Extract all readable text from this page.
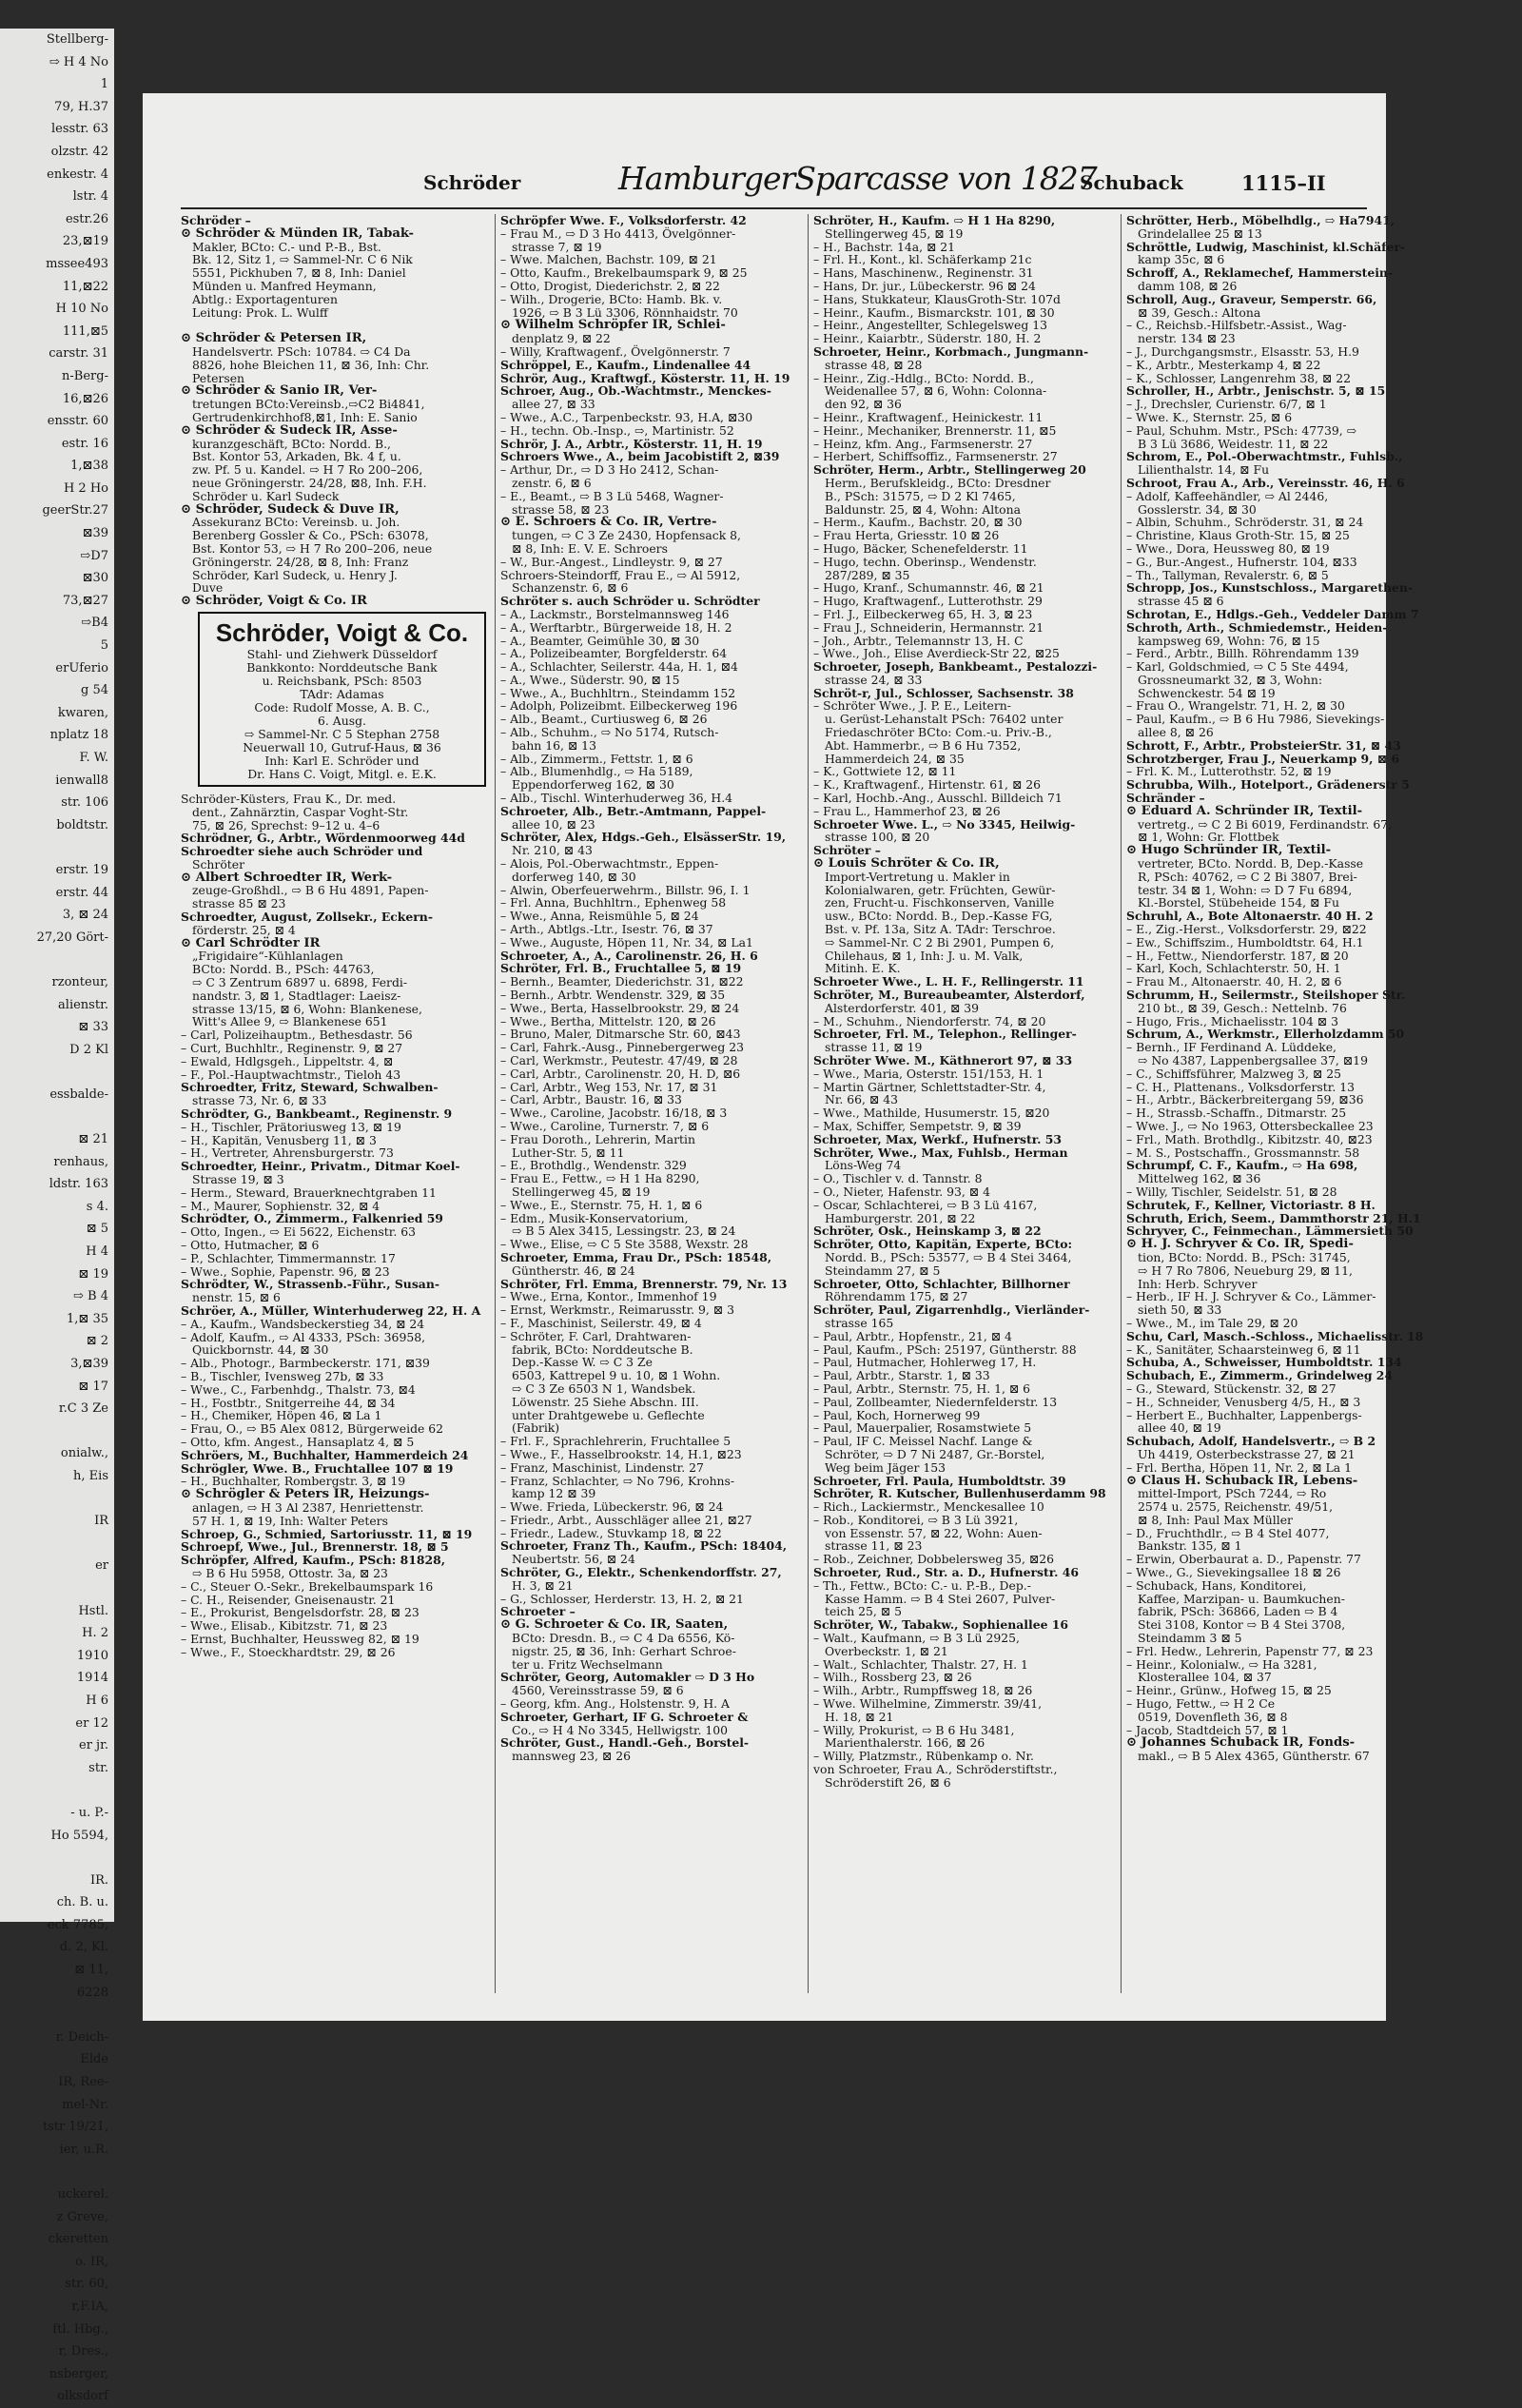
Stellberg-
⇨ H 4 No
1
79, H.37
lesstr. 63
olzstr. 42
enkestr. 4
lstr. 4
estr.26
23,⊠19
mssee493
11,⊠22
H 10 No
111,⊠5
carstr. 31
n-Berg-
16,⊠26
ensstr. 60
estr. 16
1,⊠38
H 2 Ho
geerStr.27
⊠39
⇨D7
⊠30
73,⊠27
⇨B4
5
erUferio
g 54
kwaren,
nplatz 18
F. W.
ienwall8
str. 106
boldtstr.

erstr. 19
erstr. 44
3, ⊠ 24
27,20 Gört-

rzonteur,
alienstr.
⊠ 33
D 2 Kl

essbalde-

⊠ 21
renhaus,
ldstr. 163
s 4.
⊠ 5
H 4
⊠ 19
⇨ B 4
1,⊠ 35
⊠ 2
3,⊠39
⊠ 17
r.C 3 Ze

onialw.,
h, Eis

IR

er

Hstl.
H. 2
1910
1914
H 6
er 12
er jr.
str.

- u. P.-
Ho 5594,

IR.
ch. B. u.
eck 7785,
d. 2, Kl.
⊠ 11,
6228

r. Deich-
Elde
IR, Ree-
mel-Nr.
tstr 19/21,
ier, u.R.

uckerel.
z Greve,
ckeretten
o. IR,
str. 60,
r,F.IA,
ftl. Hbg.,
r, Dres.,
nsberger,
olksdorf
Schröder	HamburgerSparcasse von 1827
Schuback	1115–II
Schröder –
⊙ Schröder & Münden IR, Tabak-
Makler, BCto: C.- und P.-B., Bst.
Bk. 12, Sitz 1, ⇨ Sammel-Nr. C 6 Nik
5551, Pickhuben 7, ⊠ 8, Inh: Daniel
Münden u. Manfred Heymann,
Abtlg.: Exportagenturen
Leitung: Prok. L. Wulff

⊙ Schröder & Petersen IR,
Handelsvertr. PSch: 10784. ⇨ C4 Da
8826, hohe Bleichen 11, ⊠ 36, Inh: Chr.
Petersen
⊙ Schröder & Sanio IR, Ver-
tretungen BCto:Vereinsb.,⇨C2 Bi4841,
Gertrudenkirchhof8,⊠1, Inh: E. Sanio
⊙ Schröder & Sudeck IR, Asse-
kuranzgeschäft, BCto: Nordd. B.,
Bst. Kontor 53, Arkaden, Bk. 4 f, u.
zw. Pf. 5 u. Kandel. ⇨ H 7 Ro 200–206,
neue Gröningerstr. 24/28, ⊠8, Inh. F.H.
Schröder u. Karl Sudeck
⊙ Schröder, Sudeck & Duve IR,
Assekuranz BCto: Vereinsb. u. Joh.
Berenberg Gossler & Co., PSch: 63078,
Bst. Kontor 53, ⇨ H 7 Ro 200–206, neue
Gröningerstr. 24/28, ⊠ 8, Inh: Franz
Schröder, Karl Sudeck, u. Henry J.
Duve
⊙ Schröder, Voigt & Co. IR
Schröder, Voigt & Co.
Stahl- und Ziehwerk Düsseldorf
Bankkonto: Norddeutsche Bank
u. Reichsbank, PSch: 8503
TAdr: Adamas
Code: Rudolf Mosse, A. B. C.,
6. Ausg.
⇨ Sammel-Nr. C 5 Stephan 2758
Neuerwall 10, Gutruf-Haus, ⊠ 36
Inh: Karl E. Schröder und
Dr. Hans C. Voigt, Mitgl. e. E.K.
Schröder-Küsters, Frau K., Dr. med.
dent., Zahnärztin, Caspar Voght-Str.
75, ⊠ 26, Sprechst: 9–12 u. 4–6
Schrödner, G., Arbtr., Wördenmoorweg 44d
Schroedter siehe auch Schröder und
Schröter
⊙ Albert Schroedter IR, Werk-
zeuge-Großhdl., ⇨ B 6 Hu 4891, Papen-
strasse 85 ⊠ 23
Schroedter, August, Zollsekr., Eckern-
förderstr. 25, ⊠ 4
⊙ Carl Schrödter IR
„Frigidaire“-Kühlanlagen
BCto: Nordd. B., PSch: 44763,
⇨ C 3 Zentrum 6897 u. 6898, Ferdi-
nandstr. 3, ⊠ 1, Stadtlager: Laeisz-
strasse 13/15, ⊠ 6, Wohn: Blankenese,
Witt's Allee 9, ⇨ Blankenese 651
– Carl, Polizeihauptm., Bethesdastr. 56
– Curt, Buchhltr., Reginenstr. 9, ⊠ 27
– Ewald, Hdlgsgeh., Lippeltstr. 4, ⊠
– F., Pol.-Hauptwachtmstr., Tieloh 43
Schroedter, Fritz, Steward, Schwalben-
strasse 73, Nr. 6, ⊠ 33
Schrödter, G., Bankbeamt., Reginenstr. 9
– H., Tischler, Prätoriusweg 13, ⊠ 19
– H., Kapitän, Venusberg 11, ⊠ 3
– H., Vertreter, Ahrensburgerstr. 73
Schroedter, Heinr., Privatm., Ditmar Koel-
Strasse 19, ⊠ 3
– Herm., Steward, Brauerknechtgraben 11
– M., Maurer, Sophienstr. 32, ⊠ 4
Schrödter, O., Zimmerm., Falkenried 59
– Otto, Ingen., ⇨ Ei 5622, Eichenstr. 63
– Otto, Hutmacher, ⊠ 6
– P., Schlachter, Timmermannstr. 17
– Wwe., Sophie, Papenstr. 96, ⊠ 23
Schrödter, W., Strassenb.-Führ., Susan-
nenstr. 15, ⊠ 6
Schröer, A., Müller, Winterhuderweg 22, H. A
– A., Kaufm., Wandsbeckerstieg 34, ⊠ 24
– Adolf, Kaufm., ⇨ Al 4333, PSch: 36958,
Quickbornstr. 44, ⊠ 30
– Alb., Photogr., Barmbeckerstr. 171, ⊠39
– B., Tischler, Ivensweg 27b, ⊠ 33
– Wwe., C., Farbenhdg., Thalstr. 73, ⊠4
– H., Fostbtr., Snitgerreihe 44, ⊠ 34
– H., Chemiker, Höpen 46, ⊠ La 1
– Frau, O., ⇨ B5 Alex 0812, Bürgerweide 62
– Otto, kfm. Angest., Hansaplatz 4, ⊠ 5
Schröers, M., Buchhalter, Hammerdeich 24
Schrögler, Wwe. B., Fruchtallee 107 ⊠ 19
– H., Buchhalter, Rombergstr. 3, ⊠ 19
⊙ Schrögler & Peters IR, Heizungs-
anlagen, ⇨ H 3 Al 2387, Henriettenstr.
57 H. 1, ⊠ 19, Inh: Walter Peters
Schroep, G., Schmied, Sartoriusstr. 11, ⊠ 19
Schroepf, Wwe., Jul., Brennerstr. 18, ⊠ 5
Schröpfer, Alfred, Kaufm., PSch: 81828,
⇨ B 6 Hu 5958, Ottostr. 3a, ⊠ 23
– C., Steuer O.-Sekr., Brekelbaumspark 16
– C. H., Reisender, Gneisenaustr. 21
– E., Prokurist, Bengelsdorfstr. 28, ⊠ 23
– Wwe., Elisab., Kibitzstr. 71, ⊠ 23
– Ernst, Buchhalter, Heussweg 82, ⊠ 19
– Wwe., F., Stoeckhardtstr. 29, ⊠ 26
Schröpfer Wwe. F., Volksdorferstr. 42
– Frau M., ⇨ D 3 Ho 4413, Övelgönner-
strasse 7, ⊠ 19
– Wwe. Malchen, Bachstr. 109, ⊠ 21
– Otto, Kaufm., Brekelbaumspark 9, ⊠ 25
– Otto, Drogist, Diederichstr. 2, ⊠ 22
– Wilh., Drogerie, BCto: Hamb. Bk. v.
1926, ⇨ B 3 Lü 3306, Rönnhaidstr. 70
⊙ Wilhelm Schröpfer IR, Schlei-
denplatz 9, ⊠ 22
– Willy, Kraftwagenf., Övelgönnerstr. 7
Schröppel, E., Kaufm., Lindenallee 44
Schrör, Aug., Kraftwgf., Kösterstr. 11, H. 19
Schroer, Aug., Ob.-Wachtmstr., Menckes-
allee 27, ⊠ 33
– Wwe., A.C., Tarpenbeckstr. 93, H.A, ⊠30
– H., techn. Ob.-Insp., ⇨, Martinistr. 52
Schrör, J. A., Arbtr., Kösterstr. 11, H. 19
Schroers Wwe., A., beim Jacobistift 2, ⊠39
– Arthur, Dr., ⇨ D 3 Ho 2412, Schan-
zenstr. 6, ⊠ 6
– E., Beamt., ⇨ B 3 Lü 5468, Wagner-
strasse 58, ⊠ 23
⊙ E. Schroers & Co. IR, Vertre-
tungen, ⇨ C 3 Ze 2430, Hopfensack 8,
⊠ 8, Inh: E. V. E. Schroers
– W., Bur.-Angest., Lindleystr. 9, ⊠ 27
Schroers-Steindorff, Frau E., ⇨ Al 5912,
Schanzenstr. 6, ⊠ 6
Schröter s. auch Schröder u. Schrödter
– A., Lackmstr., Borstelmannsweg 146
– A., Werftarbtr., Bürgerweide 18, H. 2
– A., Beamter, Geimühle 30, ⊠ 30
– A., Polizeibeamter, Borgfelderstr. 64
– A., Schlachter, Seilerstr. 44a, H. 1, ⊠4
– A., Wwe., Süderstr. 90, ⊠ 15
– Wwe., A., Buchhltrn., Steindamm 152
– Adolph, Polizeibmt. Eilbeckerweg 196
– Alb., Beamt., Curtiusweg 6, ⊠ 26
– Alb., Schuhm., ⇨ No 5174, Rutsch-
bahn 16, ⊠ 13
– Alb., Zimmerm., Fettstr. 1, ⊠ 6
– Alb., Blumenhdlg., ⇨ Ha 5189,
Eppendorferweg 162, ⊠ 30
– Alb., Tischl. Winterhuderweg 36, H.4
Schroeter, Alb., Betr.-Amtmann, Pappel-
allee 10, ⊠ 23
Schröter, Alex, Hdgs.-Geh., ElsässerStr. 19,
Nr. 210, ⊠ 43
– Alois, Pol.-Oberwachtmstr., Eppen-
dorferweg 140, ⊠ 30
– Alwin, Oberfeuerwehrm., Billstr. 96, I. 1
– Frl. Anna, Buchhltrn., Ephenweg 58
– Wwe., Anna, Reismühle 5, ⊠ 24
– Arth., Abtlgs.-Ltr., Isestr. 76, ⊠ 37
– Wwe., Auguste, Höpen 11, Nr. 34, ⊠ La1
Schroeter, A., A., Carolinenstr. 26, H. 6
Schröter, Frl. B., Fruchtallee 5, ⊠ 19
– Bernh., Beamter, Diederichstr. 31, ⊠22
– Bernh., Arbtr. Wendenstr. 329, ⊠ 35
– Wwe., Berta, Hasselbrookstr. 29, ⊠ 24
– Wwe., Bertha, Mittelstr. 120, ⊠ 26
– Bruno, Maler, Ditmarsche Str. 60, ⊠43
– Carl, Fahrk.-Ausg., Pinnebergerweg 23
– Carl, Werkmstr., Peutestr. 47/49, ⊠ 28
– Carl, Arbtr., Carolinenstr. 20, H. D, ⊠6
– Carl, Arbtr., Weg 153, Nr. 17, ⊠ 31
– Carl, Arbtr., Baustr. 16, ⊠ 33
– Wwe., Caroline, Jacobstr. 16/18, ⊠ 3
– Wwe., Caroline, Turnerstr. 7, ⊠ 6
– Frau Doroth., Lehrerin, Martin
Luther-Str. 5, ⊠ 11
– E., Brothdlg., Wendenstr. 329
– Frau E., Fettw., ⇨ H 1 Ha 8290,
Stellingerweg 45, ⊠ 19
– Wwe., E., Sternstr. 75, H. 1, ⊠ 6
– Edm., Musik-Konservatorium,
⇨ B 5 Alex 3415, Lessingstr. 23, ⊠ 24
– Wwe., Elise, ⇨ C 5 Ste 3588, Wexstr. 28
Schroeter, Emma, Frau Dr., PSch: 18548,
Güntherstr. 46, ⊠ 24
Schröter, Frl. Emma, Brennerstr. 79, Nr. 13
– Wwe., Erna, Kontor., Immenhof 19
– Ernst, Werkmstr., Reimarusstr. 9, ⊠ 3
– F., Maschinist, Seilerstr. 49, ⊠ 4
– Schröter, F. Carl, Drahtwaren-
fabrik, BCto: Norddeutsche B.
Dep.-Kasse W. ⇨ C 3 Ze
6503, Kattrepel 9 u. 10, ⊠ 1 Wohn.
⇨ C 3 Ze 6503 N 1, Wandsbek.
Löwenstr. 25 Siehe Abschn. III.
unter Drahtgewebe u. Geflechte
(Fabrik)
– Frl. F., Sprachlehrerin, Fruchtallee 5
– Wwe., F., Hasselbrookstr. 14, H.1, ⊠23
– Franz, Maschinist, Lindenstr. 27
– Franz, Schlachter, ⇨ No 796, Krohns-
kamp 12 ⊠ 39
– Wwe. Frieda, Lübeckerstr. 96, ⊠ 24
– Friedr., Arbt., Ausschläger allee 21, ⊠27
– Friedr., Ladew., Stuvkamp 18, ⊠ 22
Schroeter, Franz Th., Kaufm., PSch: 18404,
Neubertstr. 56, ⊠ 24
Schröter, G., Elektr., Schenkendorffstr. 27,
H. 3, ⊠ 21
– G., Schlosser, Herderstr. 13, H. 2, ⊠ 21
Schroeter –
⊙ G. Schroeter & Co. IR, Saaten,
BCto: Dresdn. B., ⇨ C 4 Da 6556, Kö-
nigstr. 25, ⊠ 36, Inh: Gerhart Schroe-
ter u. Fritz Wechselmann
Schröter, Georg, Automakler ⇨ D 3 Ho
4560, Vereinsstrasse 59, ⊠ 6
– Georg, kfm. Ang., Holstenstr. 9, H. A
Schroeter, Gerhart, IF G. Schroeter &
Co., ⇨ H 4 No 3345, Hellwigstr. 100
Schröter, Gust., Handl.-Geh., Borstel-
mannsweg 23, ⊠ 26
Schröter, H., Kaufm. ⇨ H 1 Ha 8290,
Stellingerweg 45, ⊠ 19
– H., Bachstr. 14a, ⊠ 21
– Frl. H., Kont., kl. Schäferkamp 21c
– Hans, Maschinenw., Reginenstr. 31
– Hans, Dr. jur., Lübeckerstr. 96 ⊠ 24
– Hans, Stukkateur, KlausGroth-Str. 107d
– Heinr., Kaufm., Bismarckstr. 101, ⊠ 30
– Heinr., Angestellter, Schlegelsweg 13
– Heinr., Kaiarbtr., Süderstr. 180, H. 2
Schroeter, Heinr., Korbmach., Jungmann-
strasse 48, ⊠ 28
– Heinr., Zig.-Hdlg., BCto: Nordd. B.,
Weidenallee 57, ⊠ 6, Wohn: Colonna-
den 92, ⊠ 36
– Heinr., Kraftwagenf., Heinickestr. 11
– Heinr., Mechaniker, Brennerstr. 11, ⊠5
– Heinz, kfm. Ang., Farmsenerstr. 27
– Herbert, Schiffsoffiz., Farmsenerstr. 27
Schröter, Herm., Arbtr., Stellingerweg 20
Herm., Berufskleidg., BCto: Dresdner
B., PSch: 31575, ⇨ D 2 Kl 7465,
Baldunstr. 25, ⊠ 4, Wohn: Altona
– Herm., Kaufm., Bachstr. 20, ⊠ 30
– Frau Herta, Griesstr. 10 ⊠ 26
– Hugo, Bäcker, Schenefelderstr. 11
– Hugo, techn. Oberinsp., Wendenstr.
287/289, ⊠ 35
– Hugo, Kranf., Schumannstr. 46, ⊠ 21
– Hugo, Kraftwagenf., Lutterothstr. 29
– Frl. J., Eilbeckerweg 65, H. 3, ⊠ 23
– Frau J., Schneiderin, Hermannstr. 21
– Joh., Arbtr., Telemannstr 13, H. C
– Wwe., Joh., Elise Averdieck-Str 22, ⊠25
Schroeter, Joseph, Bankbeamt., Pestalozzi-
strasse 24, ⊠ 33
Schröt-r, Jul., Schlosser, Sachsenstr. 38
– Schröter Wwe., J. P. E., Leitern-
u. Gerüst-Lehanstalt PSch: 76402 unter
Friedaschröter BCto: Com.-u. Priv.-B.,
Abt. Hammerbr., ⇨ B 6 Hu 7352,
Hammerdeich 24, ⊠ 35
– K., Gottwiete 12, ⊠ 11
– K., Kraftwagenf., Hirtenstr. 61, ⊠ 26
– Karl, Hochb.-Ang., Ausschl. Billdeich 71
– Frau L., Hammerhof 23, ⊠ 26
Schroeter Wwe. L., ⇨ No 3345, Heilwig-
strasse 100, ⊠ 20
Schröter –
⊙ Louis Schröter & Co. IR,
Import-Vertretung u. Makler in
Kolonialwaren, getr. Früchten, Gewür-
zen, Frucht-u. Fischkonserven, Vanille
usw., BCto: Nordd. B., Dep.-Kasse FG,
Bst. v. Pf. 13a, Sitz A. TAdr: Terschroe.
⇨ Sammel-Nr. C 2 Bi 2901, Pumpen 6,
Chilehaus, ⊠ 1, Inh: J. u. M. Valk,
Mitinh. E. K.
Schroeter Wwe., L. H. F., Rellingerstr. 11
Schröter, M., Bureaubeamter, Alsterdorf,
Alsterdorferstr. 401, ⊠ 39
– M., Schuhm., Niendorferstr. 74, ⊠ 20
Schroeter, Frl. M., Telephon., Rellinger-
strasse 11, ⊠ 19
Schröter Wwe. M., Käthnerort 97, ⊠ 33
– Wwe., Maria, Osterstr. 151/153, H. 1
– Martin Gärtner, Schlettstadter-Str. 4,
Nr. 66, ⊠ 43
– Wwe., Mathilde, Husumerstr. 15, ⊠20
– Max, Schiffer, Sempetstr. 9, ⊠ 39
Schroeter, Max, Werkf., Hufnerstr. 53
Schröter, Wwe., Max, Fuhlsb., Herman
Löns-Weg 74
– O., Tischler v. d. Tannstr. 8
– O., Nieter, Hafenstr. 93, ⊠ 4
– Oscar, Schlachterei, ⇨ B 3 Lü 4167,
Hamburgerstr. 201, ⊠ 22
Schröter, Osk., Heinskamp 3, ⊠ 22
Schröter, Otto, Kapitän, Experte, BCto:
Nordd. B., PSch: 53577, ⇨ B 4 Stei 3464,
Steindamm 27, ⊠ 5
Schroeter, Otto, Schlachter, Billhorner
Röhrendamm 175, ⊠ 27
Schröter, Paul, Zigarrenhdlg., Vierländer-
strasse 165
– Paul, Arbtr., Hopfenstr., 21, ⊠ 4
– Paul, Kaufm., PSch: 25197, Güntherstr. 88
– Paul, Hutmacher, Hohlerweg 17, H.
– Paul, Arbtr., Starstr. 1, ⊠ 33
– Paul, Arbtr., Sternstr. 75, H. 1, ⊠ 6
– Paul, Zollbeamter, Niedernfelderstr. 13
– Paul, Koch, Hornerweg 99
– Paul, Mauerpalier, Rosamstwiete 5
– Paul, IF C. Meissel Nachf. Lange &
Schröter, ⇨ D 7 Ni 2487, Gr.-Borstel,
Weg beim Jäger 153
Schroeter, Frl. Paula, Humboldtstr. 39
Schröter, R. Kutscher, Bullenhuserdamm 98
– Rich., Lackiermstr., Menckesallee 10
– Rob., Konditorei, ⇨ B 3 Lü 3921,
von Essenstr. 57, ⊠ 22, Wohn: Auen-
strasse 11, ⊠ 23
– Rob., Zeichner, Dobbelersweg 35, ⊠26
Schroeter, Rud., Str. a. D., Hufnerstr. 46
– Th., Fettw., BCto: C.- u. P.-B., Dep.-
Kasse Hamm. ⇨ B 4 Stei 2607, Pulver-
teich 25, ⊠ 5
Schröter, W., Tabakw., Sophienallee 16
– Walt., Kaufmann, ⇨ B 3 Lü 2925,
Overbeckstr. 1, ⊠ 21
– Walt., Schlachter, Thalstr. 27, H. 1
– Wilh., Rossberg 23, ⊠ 26
– Wilh., Arbtr., Rumpffsweg 18, ⊠ 26
– Wwe. Wilhelmine, Zimmerstr. 39/41,
H. 18, ⊠ 21
– Willy, Prokurist, ⇨ B 6 Hu 3481,
Marienthalerstr. 166, ⊠ 26
– Willy, Platzmstr., Rübenkamp o. Nr.
von Schroeter, Frau A., Schröderstiftstr.,
Schröderstift 26, ⊠ 6
Schrötter, Herb., Möbelhdlg., ⇨ Ha7941,
Grindelallee 25 ⊠ 13
Schröttle, Ludwig, Maschinist, kl.Schäfer-
kamp 35c, ⊠ 6
Schroff, A., Reklamechef, Hammerstein-
damm 108, ⊠ 26
Schroll, Aug., Graveur, Semperstr. 66,
⊠ 39, Gesch.: Altona
– C., Reichsb.-Hilfsbetr.-Assist., Wag-
nerstr. 134 ⊠ 23
– J., Durchgangsmstr., Elsasstr. 53, H.9
– K., Arbtr., Mesterkamp 4, ⊠ 22
– K., Schlosser, Langenrehm 38, ⊠ 22
Schroller, H., Arbtr., Jenischstr. 5, ⊠ 15
– J., Drechsler, Curienstr. 6/7, ⊠ 1
– Wwe. K., Sternstr. 25, ⊠ 6
– Paul, Schuhm. Mstr., PSch: 47739, ⇨
B 3 Lü 3686, Weidestr. 11, ⊠ 22
Schrom, E., Pol.-Oberwachtmstr., Fuhlsb.,
Lilienthalstr. 14, ⊠ Fu
Schroot, Frau A., Arb., Vereinsstr. 46, H. 6
– Adolf, Kaffeehändler, ⇨ Al 2446,
Gosslerstr. 34, ⊠ 30
– Albin, Schuhm., Schröderstr. 31, ⊠ 24
– Christine, Klaus Groth-Str. 15, ⊠ 25
– Wwe., Dora, Heussweg 80, ⊠ 19
– G., Bur.-Angest., Hufnerstr. 104, ⊠33
– Th., Tallyman, Revalerstr. 6, ⊠ 5
Schropp, Jos., Kunstschloss., Margarethen-
strasse 45 ⊠ 6
Schrotan, E., Hdlgs.-Geh., Veddeler Damm 7
Schroth, Arth., Schmiedemstr., Heiden-
kampsweg 69, Wohn: 76, ⊠ 15
– Ferd., Arbtr., Billh. Röhrendamm 139
– Karl, Goldschmied, ⇨ C 5 Ste 4494,
Grossneumarkt 32, ⊠ 3, Wohn:
Schwenckestr. 54 ⊠ 19
– Frau O., Wrangelstr. 71, H. 2, ⊠ 30
– Paul, Kaufm., ⇨ B 6 Hu 7986, Sievekings-
allee 8, ⊠ 26
Schrott, F., Arbtr., ProbsteierStr. 31, ⊠ 43
Schrotzberger, Frau J., Neuerkamp 9, ⊠ 6
– Frl. K. M., Lutterothstr. 52, ⊠ 19
Schrubba, Wilh., Hotelport., Grädenerstr 5
Schränder –
⊙ Eduard A. Schründer IR, Textil-
vertretg., ⇨ C 2 Bi 6019, Ferdinandstr. 67,
⊠ 1, Wohn: Gr. Flottbek
⊙ Hugo Schründer IR, Textil-
vertreter, BCto. Nordd. B, Dep.-Kasse
R, PSch: 40762, ⇨ C 2 Bi 3807, Brei-
testr. 34 ⊠ 1, Wohn: ⇨ D 7 Fu 6894,
Kl.-Borstel, Stübeheide 154, ⊠ Fu
Schruhl, A., Bote Altonaerstr. 40 H. 2
– E., Zig.-Herst., Volksdorferstr. 29, ⊠22
– Ew., Schiffszim., Humboldtstr. 64, H.1
– H., Fettw., Niendorferstr. 187, ⊠ 20
– Karl, Koch, Schlachterstr. 50, H. 1
– Frau M., Altonaerstr. 40, H. 2, ⊠ 6
Schrumm, H., Seilermstr., Steilshoper Str.
210 bt., ⊠ 39, Gesch.: Nettelnb. 76
– Hugo, Fris., Michaelisstr. 104 ⊠ 3
Schrum, A., Werkmstr., Ellerholzdamm 50
– Bernh., IF Ferdinand A. Lüddeke,
⇨ No 4387, Lappenbergsallee 37, ⊠19
– C., Schiffsführer, Malzweg 3, ⊠ 25
– C. H., Plattenans., Volksdorferstr. 13
– H., Arbtr., Bäckerbreitergang 59, ⊠36
– H., Strassb.-Schaffn., Ditmarstr. 25
– Wwe. J., ⇨ No 1963, Ottersbeckallee 23
– Frl., Math. Brothdlg., Kibitzstr. 40, ⊠23
– M. S., Postschaffn., Grossmannstr. 58
Schrumpf, C. F., Kaufm., ⇨ Ha 698,
Mittelweg 162, ⊠ 36
– Willy, Tischler, Seidelstr. 51, ⊠ 28
Schrutek, F., Kellner, Victoriastr. 8 H.
Schruth, Erich, Seem., Dammthorstr 21, H.1
Schryver, C., Feinmechan., Lämmersieth 50
⊙ H. J. Schryver & Co. IR, Spedi-
tion, BCto: Nordd. B., PSch: 31745,
⇨ H 7 Ro 7806, Neueburg 29, ⊠ 11,
Inh: Herb. Schryver
– Herb., IF H. J. Schryver & Co., Lämmer-
sieth 50, ⊠ 33
– Wwe., M., im Tale 29, ⊠ 20
Schu, Carl, Masch.-Schloss., Michaelisstr. 18
– K., Sanitäter, Schaarsteinweg 6, ⊠ 11
Schuba, A., Schweisser, Humboldtstr. 134
Schubach, E., Zimmerm., Grindelweg 24
– G., Steward, Stückenstr. 32, ⊠ 27
– H., Schneider, Venusberg 4/5, H., ⊠ 3
– Herbert E., Buchhalter, Lappenbergs-
allee 40, ⊠ 19
Schubach, Adolf, Handelsvertr., ⇨ B 2
Uh 4419, Osterbeckstrasse 27, ⊠ 21
– Frl. Bertha, Höpen 11, Nr. 2, ⊠ La 1
⊙ Claus H. Schuback IR, Lebens-
mittel-Import, PSch 7244, ⇨ Ro
2574 u. 2575, Reichenstr. 49/51,
⊠ 8, Inh: Paul Max Müller
– D., Fruchthdlr., ⇨ B 4 Stel 4077,
Bankstr. 135, ⊠ 1
– Erwin, Oberbaurat a. D., Papenstr. 77
– Wwe., G., Sievekingsallee 18 ⊠ 26
– Schuback, Hans, Konditorei,
Kaffee, Marzipan- u. Baumkuchen-
fabrik, PSch: 36866, Laden ⇨ B 4
Stei 3108, Kontor ⇨ B 4 Stei 3708,
Steindamm 3 ⊠ 5
– Frl. Hedw., Lehrerin, Papenstr 77, ⊠ 23
– Heinr., Kolonialw., ⇨ Ha 3281,
Klosterallee 104, ⊠ 37
– Heinr., Grünw., Hofweg 15, ⊠ 25
– Hugo, Fettw., ⇨ H 2 Ce
0519, Dovenfleth 36, ⊠ 8
– Jacob, Stadtdeich 57, ⊠ 1
⊙ Johannes Schuback IR, Fonds-
makl., ⇨ B 5 Alex 4365, Güntherstr. 67
